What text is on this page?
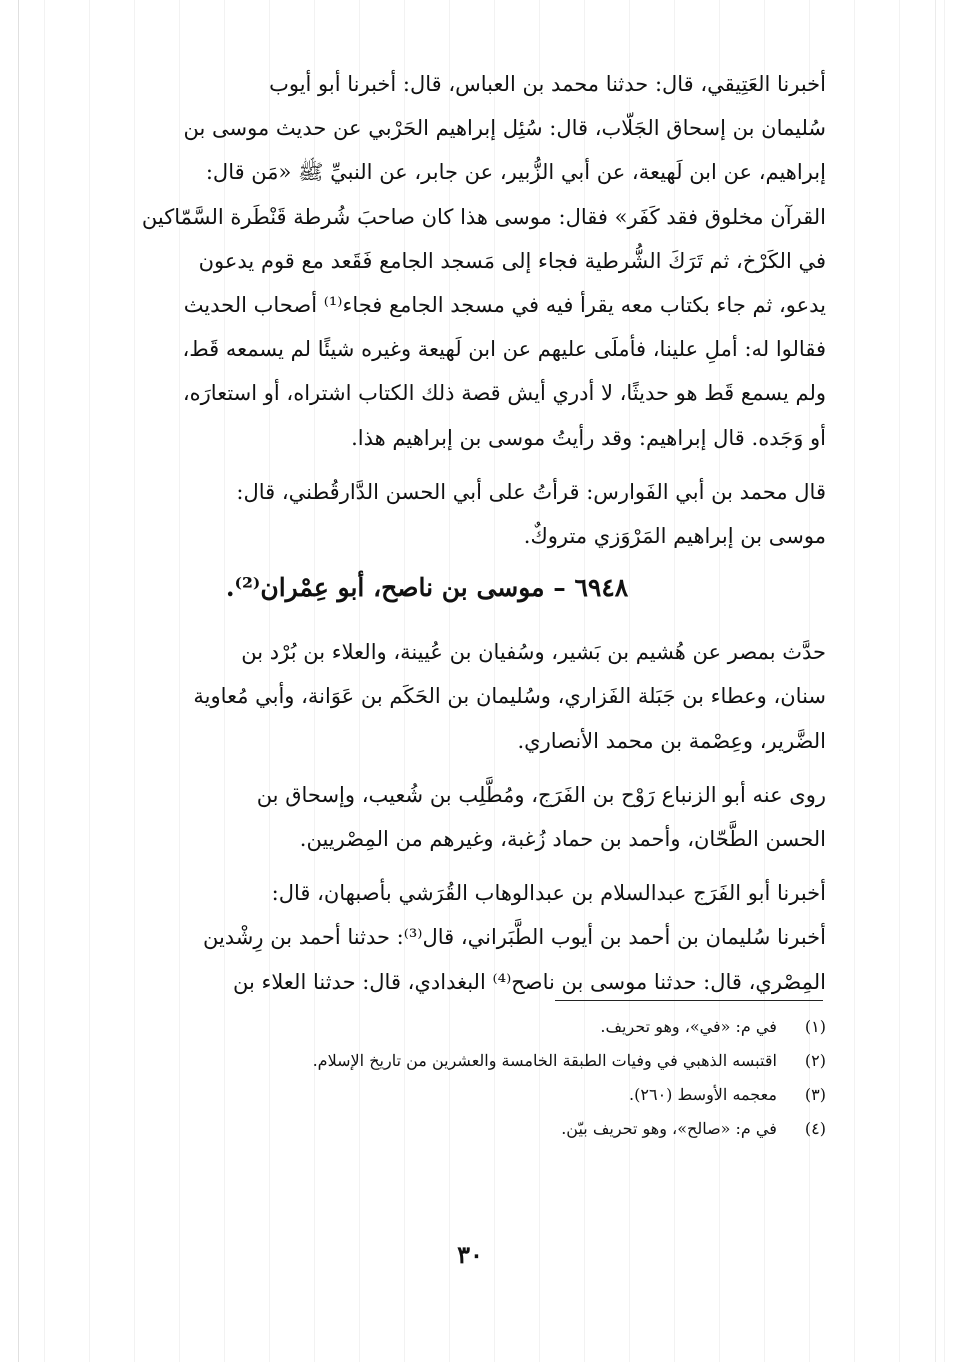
أخبرنا العَتِيقي، قال: حدثنا محمد بن العباس، قال: أخبرنا أبو أيوب
سُليمان بن إسحاق الجَلّاب، قال: سُئِل إبراهيم الحَرْبي عن حديث موسى بن
إبراهيم، عن ابن لَهيعة، عن أبي الزُّبير، عن جابر، عن النبيِّ ﷺ «مَن قال:
القرآن مخلوق فقد كَفَر» فقال: موسى هذا كان صاحبَ شُرطة قَنْطَرة السَّمّاكين
في الكَرْخ، ثم تَرَكَ الشُّرطية فجاء إلى مَسجد الجامع فَقَعد مع قوم يدعون
يدعو، ثم جاء بكتاب معه يقرأ فيه في مسجد الجامع فجاء⁽¹⁾ أصحاب الحديث
فقالوا له: أملِ علينا، فأملَى عليهم عن ابن لَهيعة وغيره شيئًا لم يسمعه قَط،
ولم يسمع قَط هو حديثًا، لا أدري أيش قصة ذلك الكتاب اشتراه، أو استعارَه،
أو وَجَده. قال إبراهيم: وقد رأيتُ موسى بن إبراهيم هذا.

قال محمد بن أبي الفَوارس: قرأتُ على أبي الحسن الدَّارقُطني، قال:
موسى بن إبراهيم المَرْوَزي متروكٌ.

٦٩٤٨ – موسى بن ناصح، أبو عِمْران⁽²⁾.

حدَّث بمصر عن هُشيم بن بَشير، وسُفيان بن عُيينة، والعلاء بن بُرْد بن
سنان، وعطاء بن جَبَلة الفَزاري، وسُليمان بن الحَكَم بن عَوَانة، وأبي مُعاوية
الضَّرير، وعِصْمة بن محمد الأنصاري.

روى عنه أبو الزنباع رَوْح بن الفَرَج، ومُطَّلِب بن شُعيب، وإسحاق بن
الحسن الطَّحّان، وأحمد بن حماد زُغبة، وغيرهم من المِصْريين.

أخبرنا أبو الفَرَج عبدالسلام بن عبدالوهاب القُرَشي بأصبهان، قال:
أخبرنا سُليمان بن أحمد بن أيوب الطَّبَراني، قال⁽³⁾: حدثنا أحمد بن رِشْدين
المِصْري، قال: حدثنا موسى بن ناصح⁽⁴⁾ البغدادي، قال: حدثنا العلاء بن

(١) في م: «في»، وهو تحريف.
(٢) اقتبسه الذهبي في وفيات الطبقة الخامسة والعشرين من تاريخ الإسلام.
(٣) معجمه الأوسط (٢٦٠).
(٤) في م: «صالح»، وهو تحريف بيّن.
٣٠
